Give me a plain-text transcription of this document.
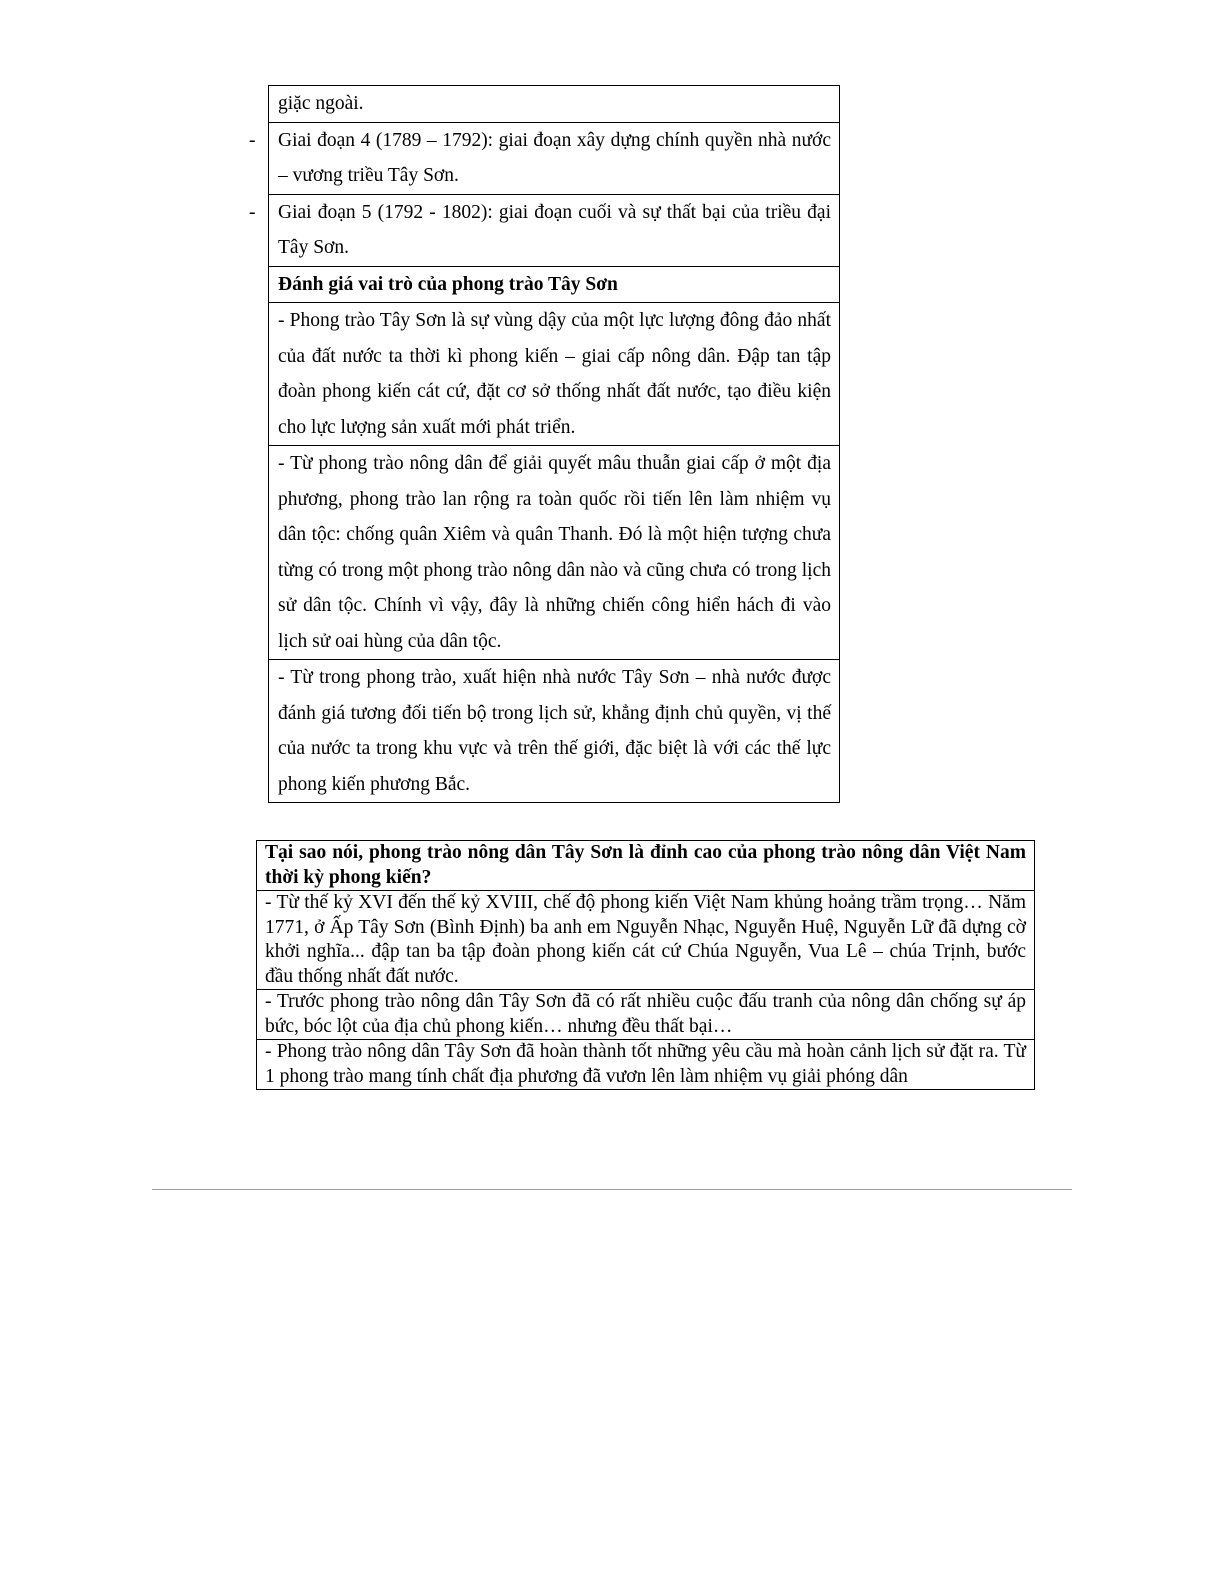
giặc ngoài.

- Giai đoạn 4 (1789 – 1792): giai đoạn xây dựng chính quyền nhà nước – vương triều Tây Sơn.

- Giai đoạn 5 (1792 - 1802): giai đoạn cuối và sự thất bại của triều đại Tây Sơn.

Đánh giá vai trò của phong trào Tây Sơn

- Phong trào Tây Sơn là sự vùng dậy của một lực lượng đông đảo nhất của đất nước ta thời kì phong kiến – giai cấp nông dân. Đập tan tập đoàn phong kiến cát cứ, đặt cơ sở thống nhất đất nước, tạo điều kiện cho lực lượng sản xuất mới phát triển.

- Từ phong trào nông dân để giải quyết mâu thuẫn giai cấp ở một địa phương, phong trào lan rộng ra toàn quốc rồi tiến lên làm nhiệm vụ dân tộc: chống quân Xiêm và quân Thanh. Đó là một hiện tượng chưa từng có trong một phong trào nông dân nào và cũng chưa có trong lịch sử dân tộc. Chính vì vậy, đây là những chiến công hiển hách đi vào lịch sử oai hùng của dân tộc.

- Từ trong phong trào, xuất hiện nhà nước Tây Sơn – nhà nước được đánh giá tương đối tiến bộ trong lịch sử, khẳng định chủ quyền, vị thế của nước ta trong khu vực và trên thế giới, đặc biệt là với các thế lực phong kiến phương Bắc.
Tại sao nói, phong trào nông dân Tây Sơn là đỉnh cao của phong trào nông dân Việt Nam thời kỳ phong kiến?
- Từ thế kỷ XVI đến thế kỷ XVIII, chế độ phong kiến Việt Nam khủng hoảng trầm trọng… Năm 1771, ở Ấp Tây Sơn (Bình Định) ba anh em Nguyễn Nhạc, Nguyễn Huệ, Nguyễn Lữ đã dựng cờ khởi nghĩa... đập tan ba tập đoàn phong kiến cát cứ Chúa Nguyễn, Vua Lê – chúa Trịnh, bước đầu thống nhất đất nước.
- Trước phong trào nông dân Tây Sơn đã có rất nhiều cuộc đấu tranh của nông dân chống sự áp bức, bóc lột của địa chủ phong kiến… nhưng đều thất bại…
- Phong trào nông dân Tây Sơn đã hoàn thành tốt những yêu cầu mà hoàn cảnh lịch sử đặt ra. Từ 1 phong trào mang tính chất địa phương đã vươn lên làm nhiệm vụ giải phóng dân
